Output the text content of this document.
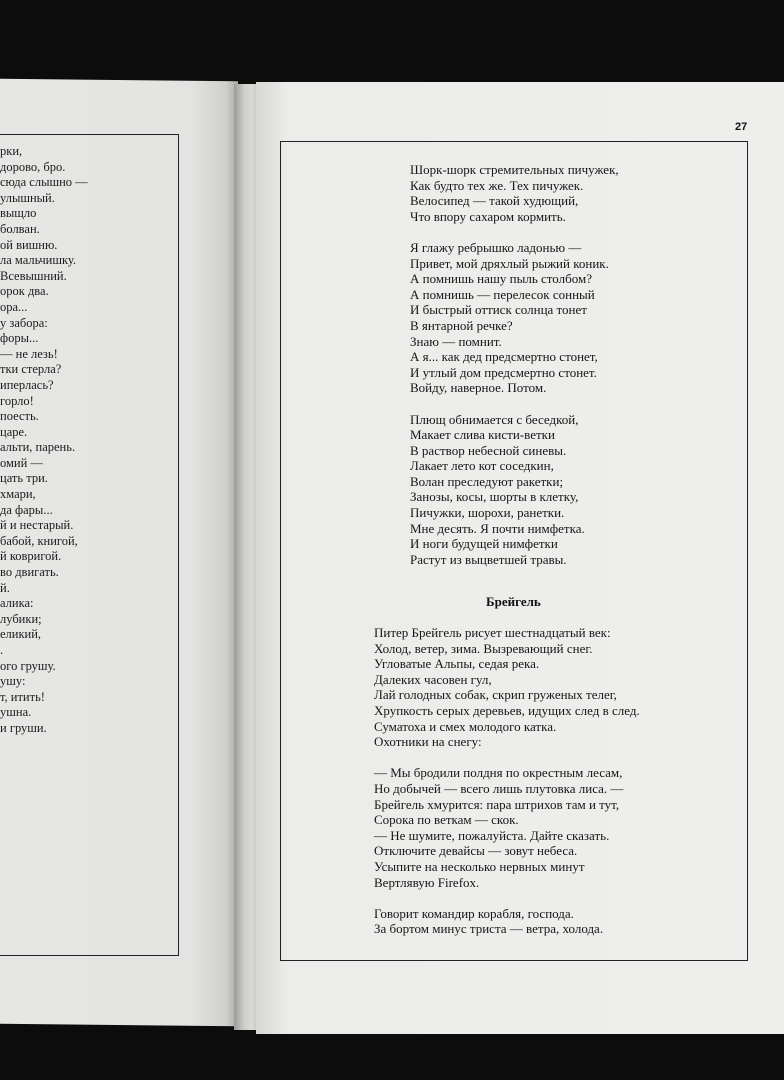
рки,
дорово, бро.
сюда слышно —
улышный.
выщло
болван.
ой вишню.
ла мальчишку.
Всевышний.
орок два.
ора...
у забора:
форы...
— не лезь!
тки стерла?
иперлась?
горло!
поесть.
царе.
альти, парень.
омий —
цать три.
хмари,
да фары...
й и нестарый.
бабой, книгой,
й ковригой.
во двигать.
й.
алика:
лубики;
еликий,
.
ого грушу.
ушу:
т, итить!
ушна.
и груши.
27
Шорк-шорк стремительных пичужек,
Как будто тех же. Тех пичужек.
Велосипед — такой худющий,
Что впору сахаром кормить.
Я глажу ребрышко ладонью —
Привет, мой дряхлый рыжий коник.
А помнишь нашу пыль столбом?
А помнишь — перелесок сонный
И быстрый оттиск солнца тонет
В янтарной речке?
Знаю — помнит.
А я... как дед предсмертно стонет,
И утлый дом предсмертно стонет.
Войду, наверное. Потом.
Плющ обнимается с беседкой,
Макает слива кисти-ветки
В раствор небесной синевы.
Лакает лето кот соседкин,
Волан преследуют ракетки;
Занозы, косы, шорты в клетку,
Пичужки, шорохи, ранетки.
Мне десять. Я почти нимфетка.
И ноги будущей нимфетки
Растут из выцветшей травы.
Брейгель
Питер Брейгель рисует шестнадцатый век:
Холод, ветер, зима. Вызревающий снег.
Угловатые Альпы, седая река.
Далеких часовен гул,
Лай голодных собак, скрип груженых телег,
Хрупкость серых деревьев, идущих след в след.
Суматоха и смех молодого катка.
Охотники на снегу:
— Мы бродили полдня по окрестным лесам,
Но добычей — всего лишь плутовка лиса. —
Брейгель хмурится: пара штрихов там и тут,
Сорока по веткам — скок.
— Не шумите, пожалуйста. Дайте сказать.
Отключите девайсы — зовут небеса.
Усыпите на несколько нервных минут
Вертлявую Firefox.
Говорит командир корабля, господа.
За бортом минус триста — ветра, холода.
